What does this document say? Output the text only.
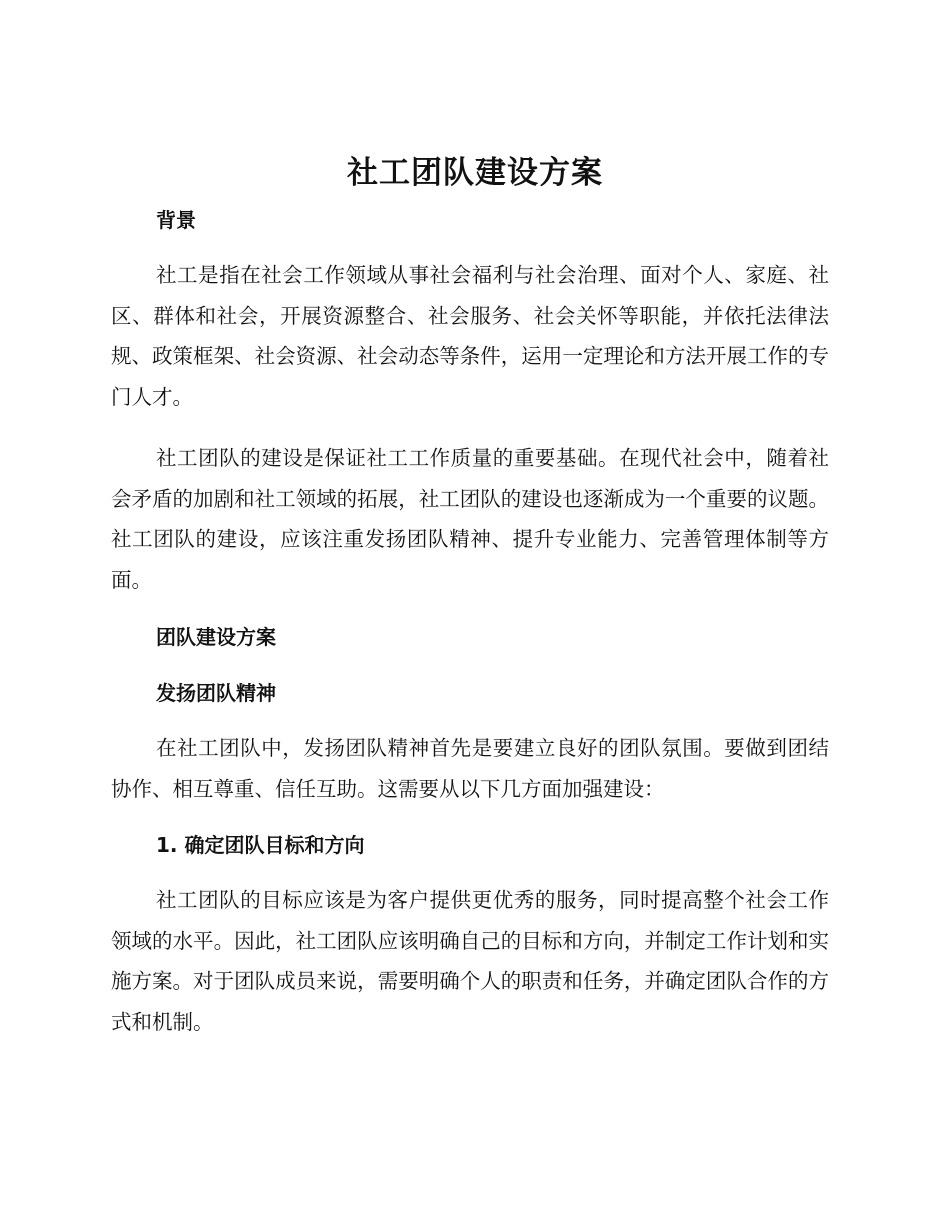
社工团队建设方案
背景

社工是指在社会工作领域从事社会福利与社会治理、面对个人、家庭、社区、群体和社会，开展资源整合、社会服务、社会关怀等职能，并依托法律法规、政策框架、社会资源、社会动态等条件，运用一定理论和方法开展工作的专门人才。

社工团队的建设是保证社工工作质量的重要基础。在现代社会中，随着社会矛盾的加剧和社工领域的拓展，社工团队的建设也逐渐成为一个重要的议题。社工团队的建设，应该注重发扬团队精神、提升专业能力、完善管理体制等方面。

团队建设方案
发扬团队精神

在社工团队中，发扬团队精神首先是要建立良好的团队氛围。要做到团结协作、相互尊重、信任互助。这需要从以下几方面加强建设：

1. 确定团队目标和方向

社工团队的目标应该是为客户提供更优秀的服务，同时提高整个社会工作领域的水平。因此，社工团队应该明确自己的目标和方向，并制定工作计划和实施方案。对于团队成员来说，需要明确个人的职责和任务，并确定团队合作的方式和机制。
